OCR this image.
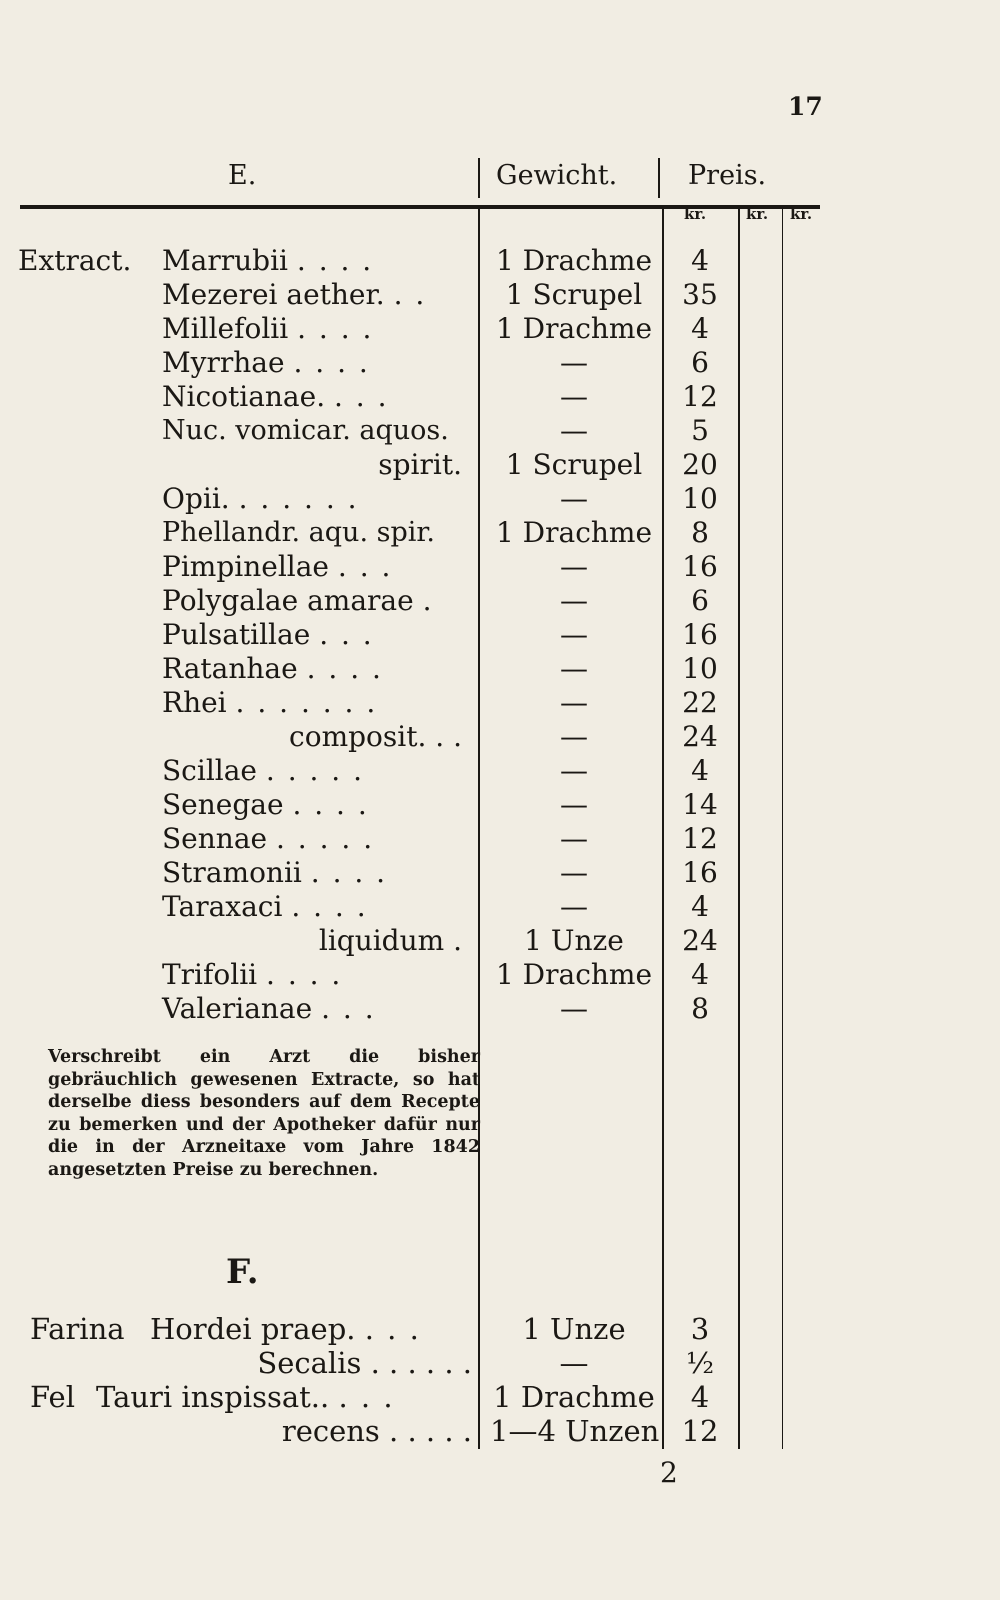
17
E.	Gewicht.	Preis.
kr.	kr. kr.
Extract. Marrubii . . . .	1 Drachme	4
Mezerei aether. . .	1 Scrupel	35
Millefolii . . . .	1 Drachme	4
Myrrhae . . . .	—	6
Nicotianae. . . .	—	12
Nuc. vomicar. aquos.	—	5
spirit.	1 Scrupel	20
Opii. . . . . . .	—	10
Phellandr. aqu. spir. 1 Drachme	8
Pimpinellae . . .	—	16
Polygalae amarae .	—	6
Pulsatillae . . .	—	16
Ratanhae . . . .	—	10
Rhei . . . . . . .	—	22
composit. . .	—	24
Scillae . . . . .	—	4
Senegae . . . .	—	14
Sennae . . . . .	—	12
Stramonii . . . .	—	16
Taraxaci . . . .	—	4
liquidum .	1 Unze	24
Trifolii . . . .	1 Drachme	4
Valerianae . . .	—	8
Verschreibt ein Arzt die bisher gebräuchlich gewesenen Extracte, so hat derselbe diess besonders auf dem Recepte zu bemerken und der Apotheker dafür nur die in der Arzneitaxe vom Jahre 1842 angesetzten Preise zu berechnen.
F.
Farina Hordei praep. . . .	1 Unze	3
Secalis . . . . . .	—	½
Fel Tauri inspissat.. . . .	1 Drachme	4
recens . . . . . 1—4 Unzen 12
2
